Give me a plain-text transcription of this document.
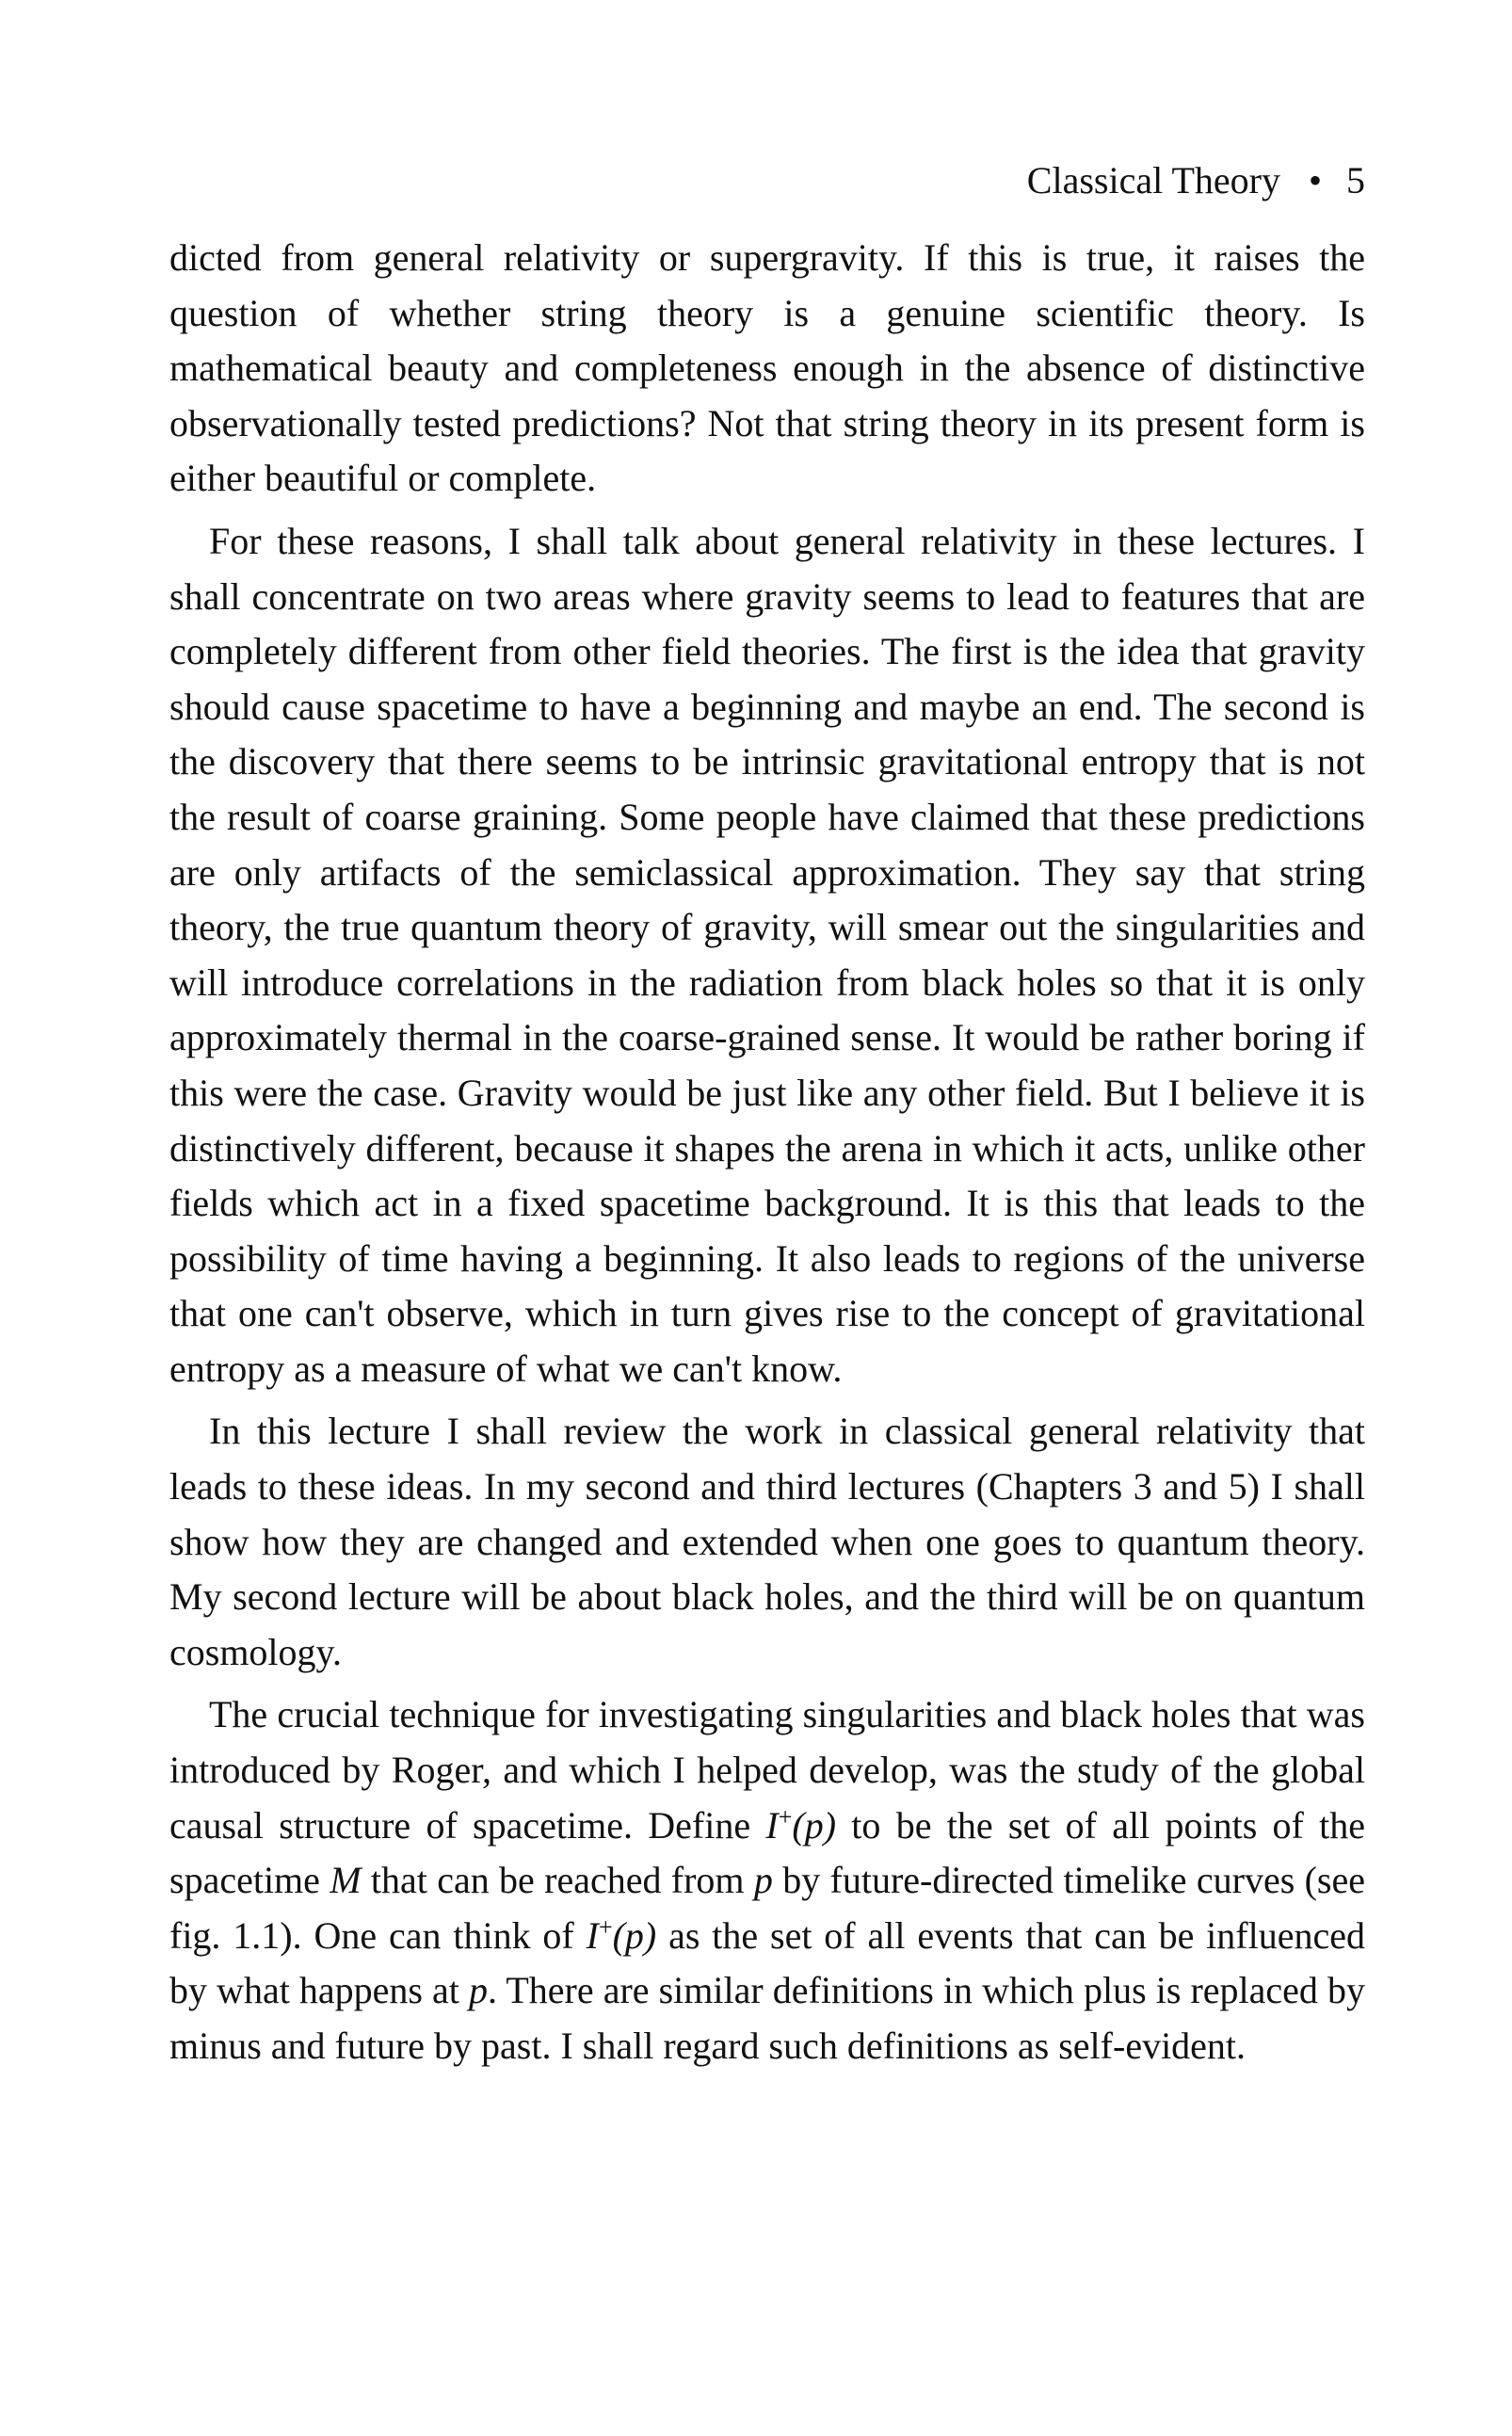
Classical Theory • 5

dicted from general relativity or supergravity. If this is true, it raises the question of whether string theory is a genuine scientific theory. Is mathematical beauty and completeness enough in the absence of distinctive observationally tested predictions? Not that string theory in its present form is either beautiful or complete.

For these reasons, I shall talk about general relativity in these lectures. I shall concentrate on two areas where gravity seems to lead to features that are completely different from other field theories. The first is the idea that gravity should cause spacetime to have a beginning and maybe an end. The second is the discovery that there seems to be intrinsic gravitational entropy that is not the result of coarse graining. Some people have claimed that these predictions are only artifacts of the semiclassical approximation. They say that string theory, the true quantum theory of gravity, will smear out the singularities and will introduce correlations in the radiation from black holes so that it is only approximately thermal in the coarse-grained sense. It would be rather boring if this were the case. Gravity would be just like any other field. But I believe it is distinctively different, because it shapes the arena in which it acts, unlike other fields which act in a fixed spacetime background. It is this that leads to the possibility of time having a beginning. It also leads to regions of the universe that one can't observe, which in turn gives rise to the concept of gravitational entropy as a measure of what we can't know.

In this lecture I shall review the work in classical general relativity that leads to these ideas. In my second and third lectures (Chapters 3 and 5) I shall show how they are changed and extended when one goes to quantum theory. My second lecture will be about black holes, and the third will be on quantum cosmology.

The crucial technique for investigating singularities and black holes that was introduced by Roger, and which I helped develop, was the study of the global causal structure of spacetime. Define I+(p) to be the set of all points of the spacetime M that can be reached from p by future-directed timelike curves (see fig. 1.1). One can think of I+(p) as the set of all events that can be influenced by what happens at p. There are similar definitions in which plus is replaced by minus and future by past. I shall regard such definitions as self-evident.
